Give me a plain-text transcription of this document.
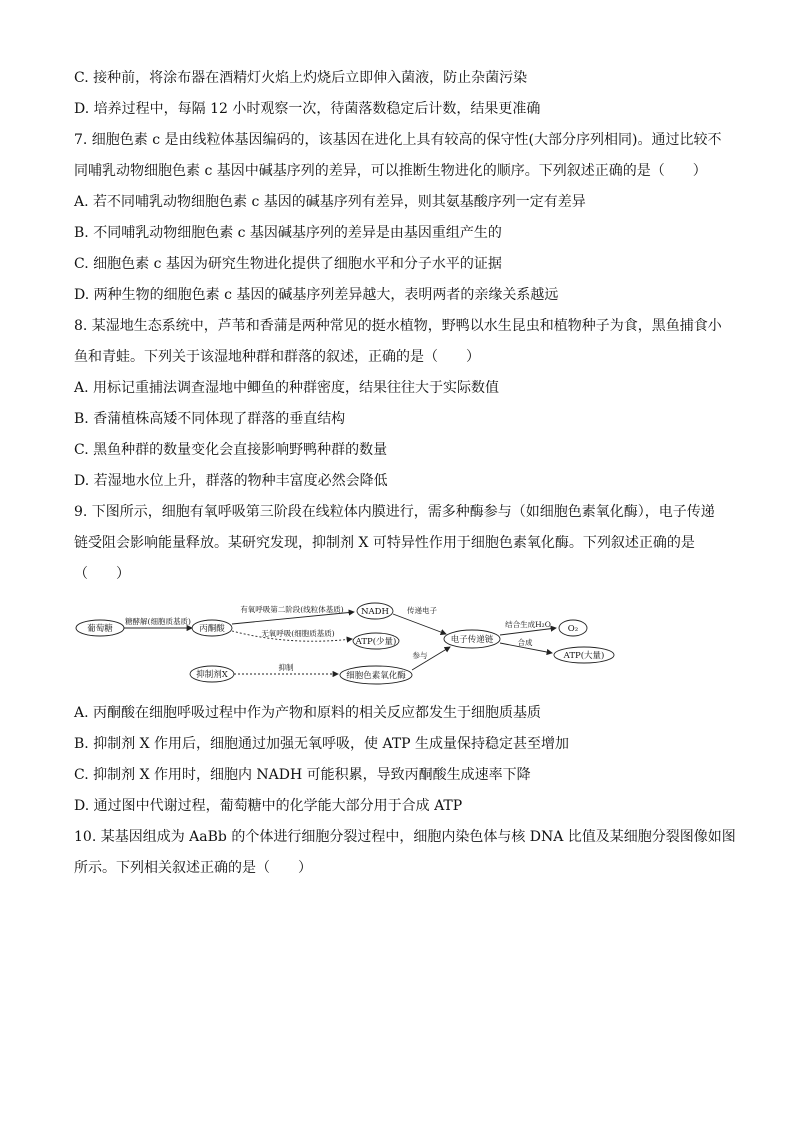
C. 接种前，将涂布器在酒精灯火焰上灼烧后立即伸入菌液，防止杂菌污染
D. 培养过程中，每隔 12 小时观察一次，待菌落数稳定后计数，结果更准确
7. 细胞色素 c 是由线粒体基因编码的，该基因在进化上具有较高的保守性(大部分序列相同)。通过比较不
同哺乳动物细胞色素 c 基因中碱基序列的差异，可以推断生物进化的顺序。下列叙述正确的是（　　）
A. 若不同哺乳动物细胞色素 c 基因的碱基序列有差异，则其氨基酸序列一定有差异
B. 不同哺乳动物细胞色素 c 基因碱基序列的差异是由基因重组产生的
C. 细胞色素 c 基因为研究生物进化提供了细胞水平和分子水平的证据
D. 两种生物的细胞色素 c 基因的碱基序列差异越大，表明两者的亲缘关系越远
8. 某湿地生态系统中，芦苇和香蒲是两种常见的挺水植物，野鸭以水生昆虫和植物种子为食，黑鱼捕食小
鱼和青蛙。下列关于该湿地种群和群落的叙述，正确的是（　　）
A. 用标记重捕法调查湿地中鲫鱼的种群密度，结果往往大于实际数值
B. 香蒲植株高矮不同体现了群落的垂直结构
C. 黑鱼种群的数量变化会直接影响野鸭种群的数量
D. 若湿地水位上升，群落的物种丰富度必然会降低
9. 下图所示，细胞有氧呼吸第三阶段在线粒体内膜进行，需多种酶参与（如细胞色素氧化酶），电子传递
链受阻会影响能量释放。某研究发现，抑制剂 X 可特异性作用于细胞色素氧化酶。下列叙述正确的是
（　　）
葡萄糖
糖酵解(细胞质基质)
丙酮酸
有氧呼吸第二阶段(线粒体基质)
无氧呼吸(细胞质基质)
NADH
ATP(少量)
传递电子
电子传递链
结合生成H₂O O₂
合成
ATP(大量)
抑制剂X
抑制
细胞色素氧化酶
参与
A. 丙酮酸在细胞呼吸过程中作为产物和原料的相关反应都发生于细胞质基质
B. 抑制剂 X 作用后，细胞通过加强无氧呼吸，使 ATP 生成量保持稳定甚至增加
C. 抑制剂 X 作用时，细胞内 NADH 可能积累，导致丙酮酸生成速率下降
D. 通过图中代谢过程，葡萄糖中的化学能大部分用于合成 ATP
10. 某基因组成为 AaBb 的个体进行细胞分裂过程中，细胞内染色体与核 DNA 比值及某细胞分裂图像如图
所示。下列相关叙述正确的是（　　）
